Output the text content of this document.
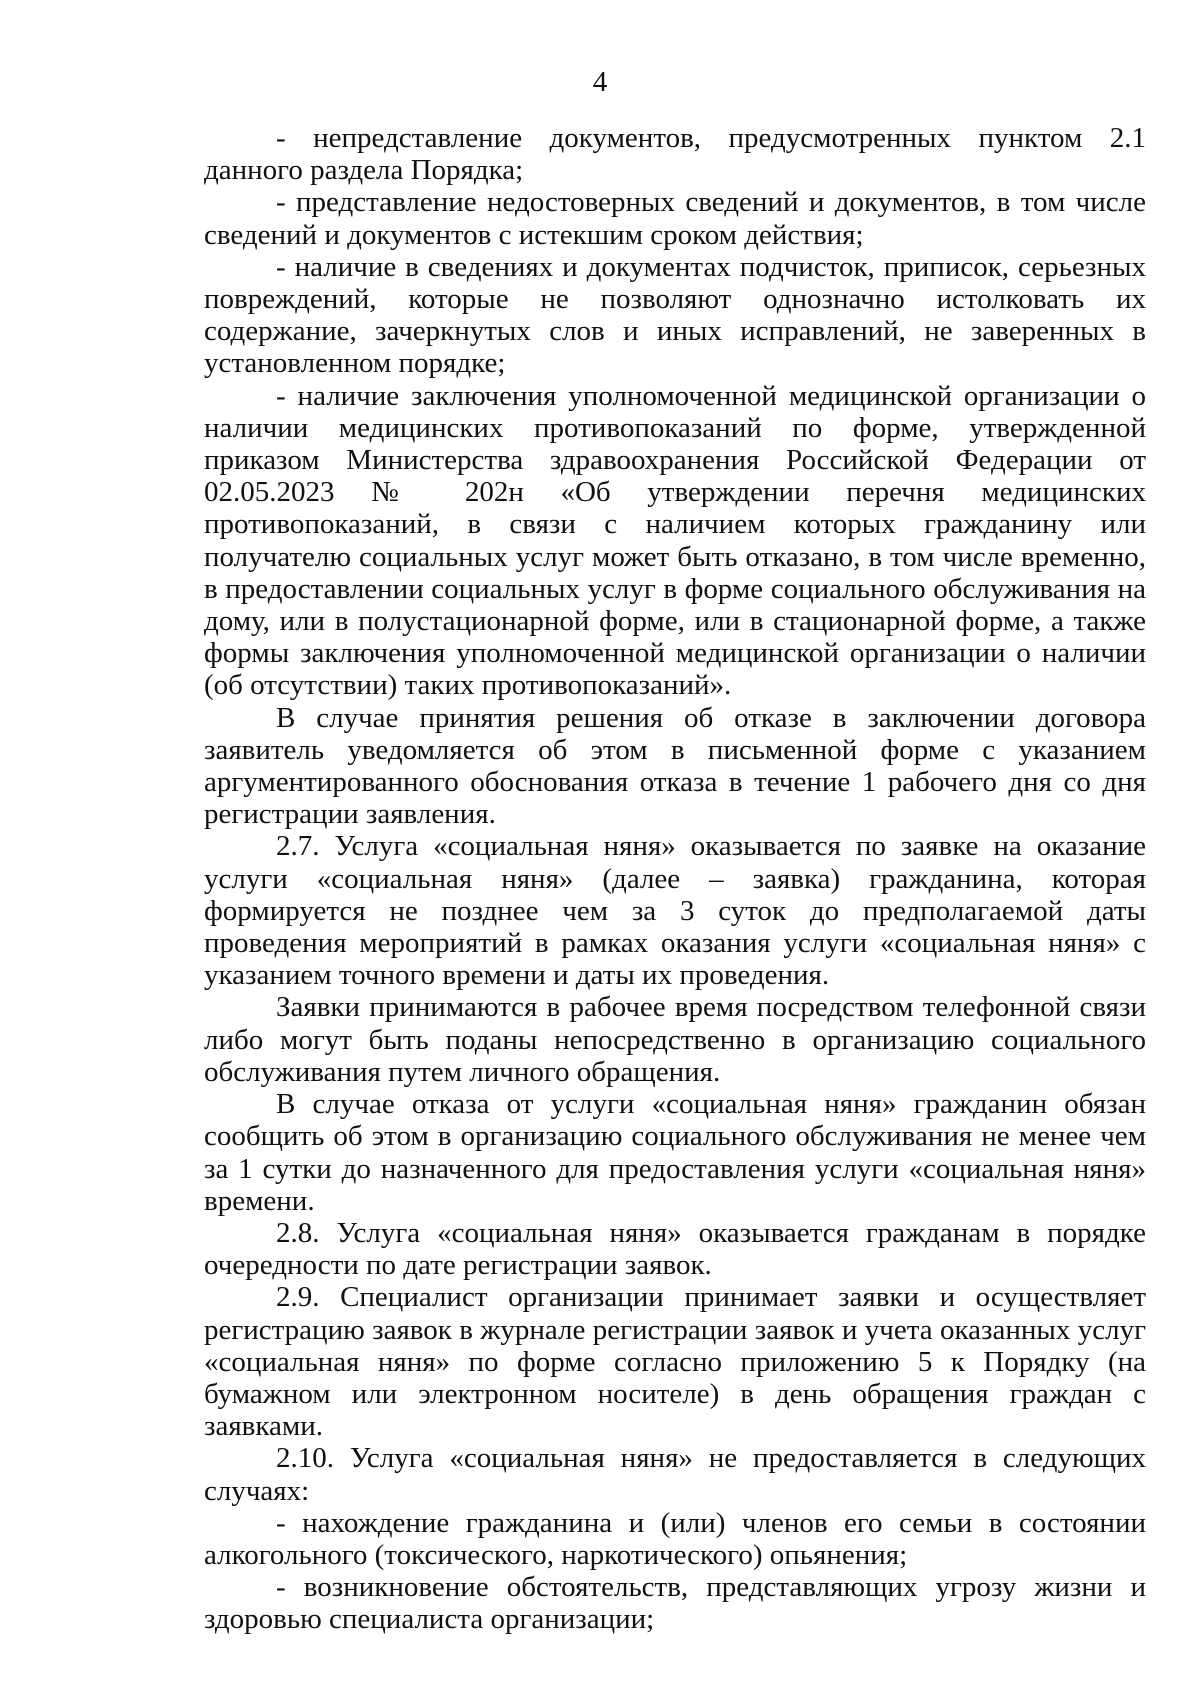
4

- непредставление документов, предусмотренных пунктом 2.1 данного раздела Порядка;

- представление недостоверных сведений и документов, в том числе сведений и документов с истекшим сроком действия;

- наличие в сведениях и документах подчисток, приписок, серьезных повреждений, которые не позволяют однозначно истолковать их содержание, зачеркнутых слов и иных исправлений, не заверенных в установленном порядке;

- наличие заключения уполномоченной медицинской организации о наличии медицинских противопоказаний по форме, утвержденной приказом Министерства здравоохранения Российской Федерации от 02.05.2023 № 202н «Об утверждении перечня медицинских противопоказаний, в связи с наличием которых гражданину или получателю социальных услуг может быть отказано, в том числе временно, в предоставлении социальных услуг в форме социального обслуживания на дому, или в полустационарной форме, или в стационарной форме, а также формы заключения уполномоченной медицинской организации о наличии (об отсутствии) таких противопоказаний».

В случае принятия решения об отказе в заключении договора заявитель уведомляется об этом в письменной форме с указанием аргументированного обоснования отказа в течение 1 рабочего дня со дня регистрации заявления.

2.7. Услуга «социальная няня» оказывается по заявке на оказание услуги «социальная няня» (далее – заявка) гражданина, которая формируется не позднее чем за 3 суток до предполагаемой даты проведения мероприятий в рамках оказания услуги «социальная няня» с указанием точного времени и даты их проведения.

Заявки принимаются в рабочее время посредством телефонной связи либо могут быть поданы непосредственно в организацию социального обслуживания путем личного обращения.

В случае отказа от услуги «социальная няня» гражданин обязан сообщить об этом в организацию социального обслуживания не менее чем за 1 сутки до назначенного для предоставления услуги «социальная няня» времени.

2.8. Услуга «социальная няня» оказывается гражданам в порядке очередности по дате регистрации заявок.

2.9. Специалист организации принимает заявки и осуществляет регистрацию заявок в журнале регистрации заявок и учета оказанных услуг «социальная няня» по форме согласно приложению 5 к Порядку (на бумажном или электронном носителе) в день обращения граждан с заявками.

2.10. Услуга «социальная няня» не предоставляется в следующих случаях:

- нахождение гражданина и (или) членов его семьи в состоянии алкогольного (токсического, наркотического) опьянения;

- возникновение обстоятельств, представляющих угрозу жизни и здоровью специалиста организации;
